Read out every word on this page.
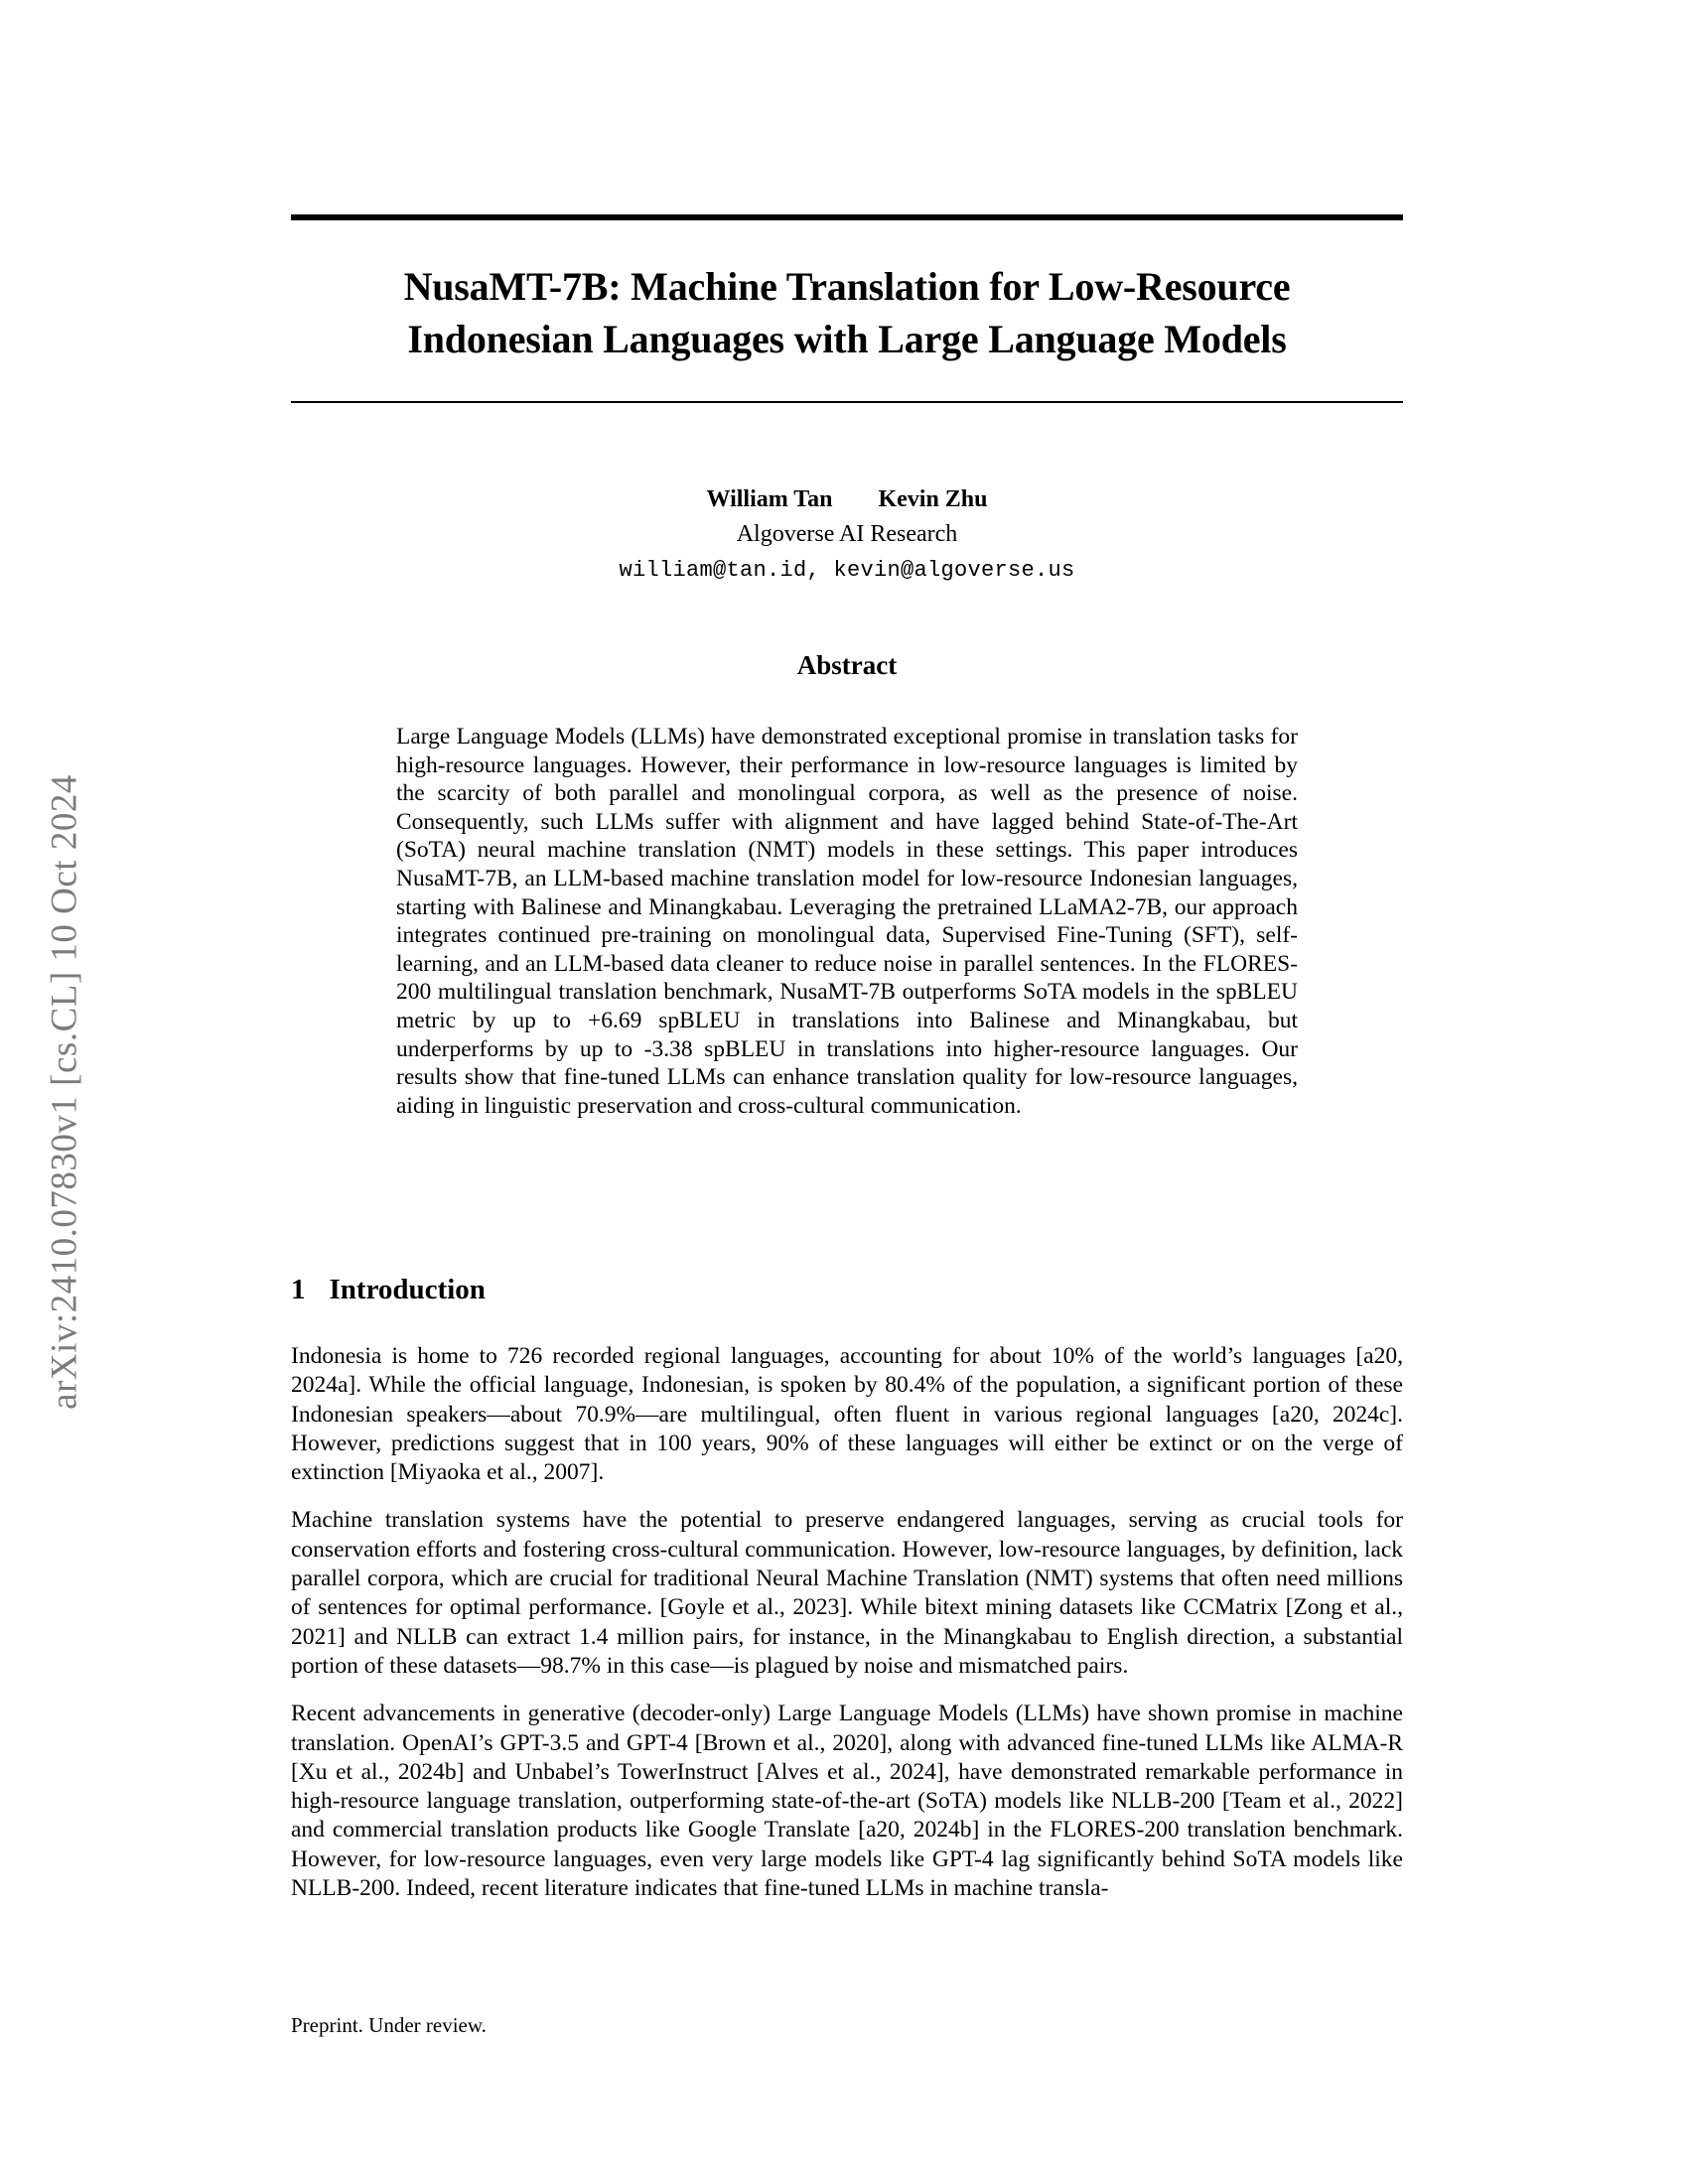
arXiv:2410.07830v1 [cs.CL] 10 Oct 2024
NusaMT-7B: Machine Translation for Low-Resource
Indonesian Languages with Large Language Models
William Tan Kevin Zhu
Algoverse AI Research
william@tan.id, kevin@algoverse.us
Abstract
Large Language Models (LLMs) have demonstrated exceptional promise in translation tasks for high-resource languages. However, their performance in low-resource languages is limited by the scarcity of both parallel and monolingual corpora, as well as the presence of noise. Consequently, such LLMs suffer with alignment and have lagged behind State-of-The-Art (SoTA) neural machine translation (NMT) models in these settings. This paper introduces NusaMT-7B, an LLM-based machine translation model for low-resource Indonesian languages, starting with Balinese and Minangkabau. Leveraging the pretrained LLaMA2-7B, our approach integrates continued pre-training on monolingual data, Supervised Fine-Tuning (SFT), self-learning, and an LLM-based data cleaner to reduce noise in parallel sentences. In the FLORES-200 multilingual translation benchmark, NusaMT-7B outperforms SoTA models in the spBLEU metric by up to +6.69 spBLEU in translations into Balinese and Minangkabau, but underperforms by up to -3.38 spBLEU in translations into higher-resource languages. Our results show that fine-tuned LLMs can enhance translation quality for low-resource languages, aiding in linguistic preservation and cross-cultural communication.
1 Introduction

Indonesia is home to 726 recorded regional languages, accounting for about 10% of the world’s languages [a20, 2024a]. While the official language, Indonesian, is spoken by 80.4% of the population, a significant portion of these Indonesian speakers—about 70.9%—are multilingual, often fluent in various regional languages [a20, 2024c]. However, predictions suggest that in 100 years, 90% of these languages will either be extinct or on the verge of extinction [Miyaoka et al., 2007].

Machine translation systems have the potential to preserve endangered languages, serving as crucial tools for conservation efforts and fostering cross-cultural communication. However, low-resource languages, by definition, lack parallel corpora, which are crucial for traditional Neural Machine Translation (NMT) systems that often need millions of sentences for optimal performance. [Goyle et al., 2023]. While bitext mining datasets like CCMatrix [Zong et al., 2021] and NLLB can extract 1.4 million pairs, for instance, in the Minangkabau to English direction, a substantial portion of these datasets—98.7% in this case—is plagued by noise and mismatched pairs.

Recent advancements in generative (decoder-only) Large Language Models (LLMs) have shown promise in machine translation. OpenAI’s GPT-3.5 and GPT-4 [Brown et al., 2020], along with advanced fine-tuned LLMs like ALMA-R [Xu et al., 2024b] and Unbabel’s TowerInstruct [Alves et al., 2024], have demonstrated remarkable performance in high-resource language translation, outperforming state-of-the-art (SoTA) models like NLLB-200 [Team et al., 2022] and commercial translation products like Google Translate [a20, 2024b] in the FLORES-200 translation benchmark. However, for low-resource languages, even very large models like GPT-4 lag significantly behind SoTA models like NLLB-200. Indeed, recent literature indicates that fine-tuned LLMs in machine transla-

Preprint. Under review.
